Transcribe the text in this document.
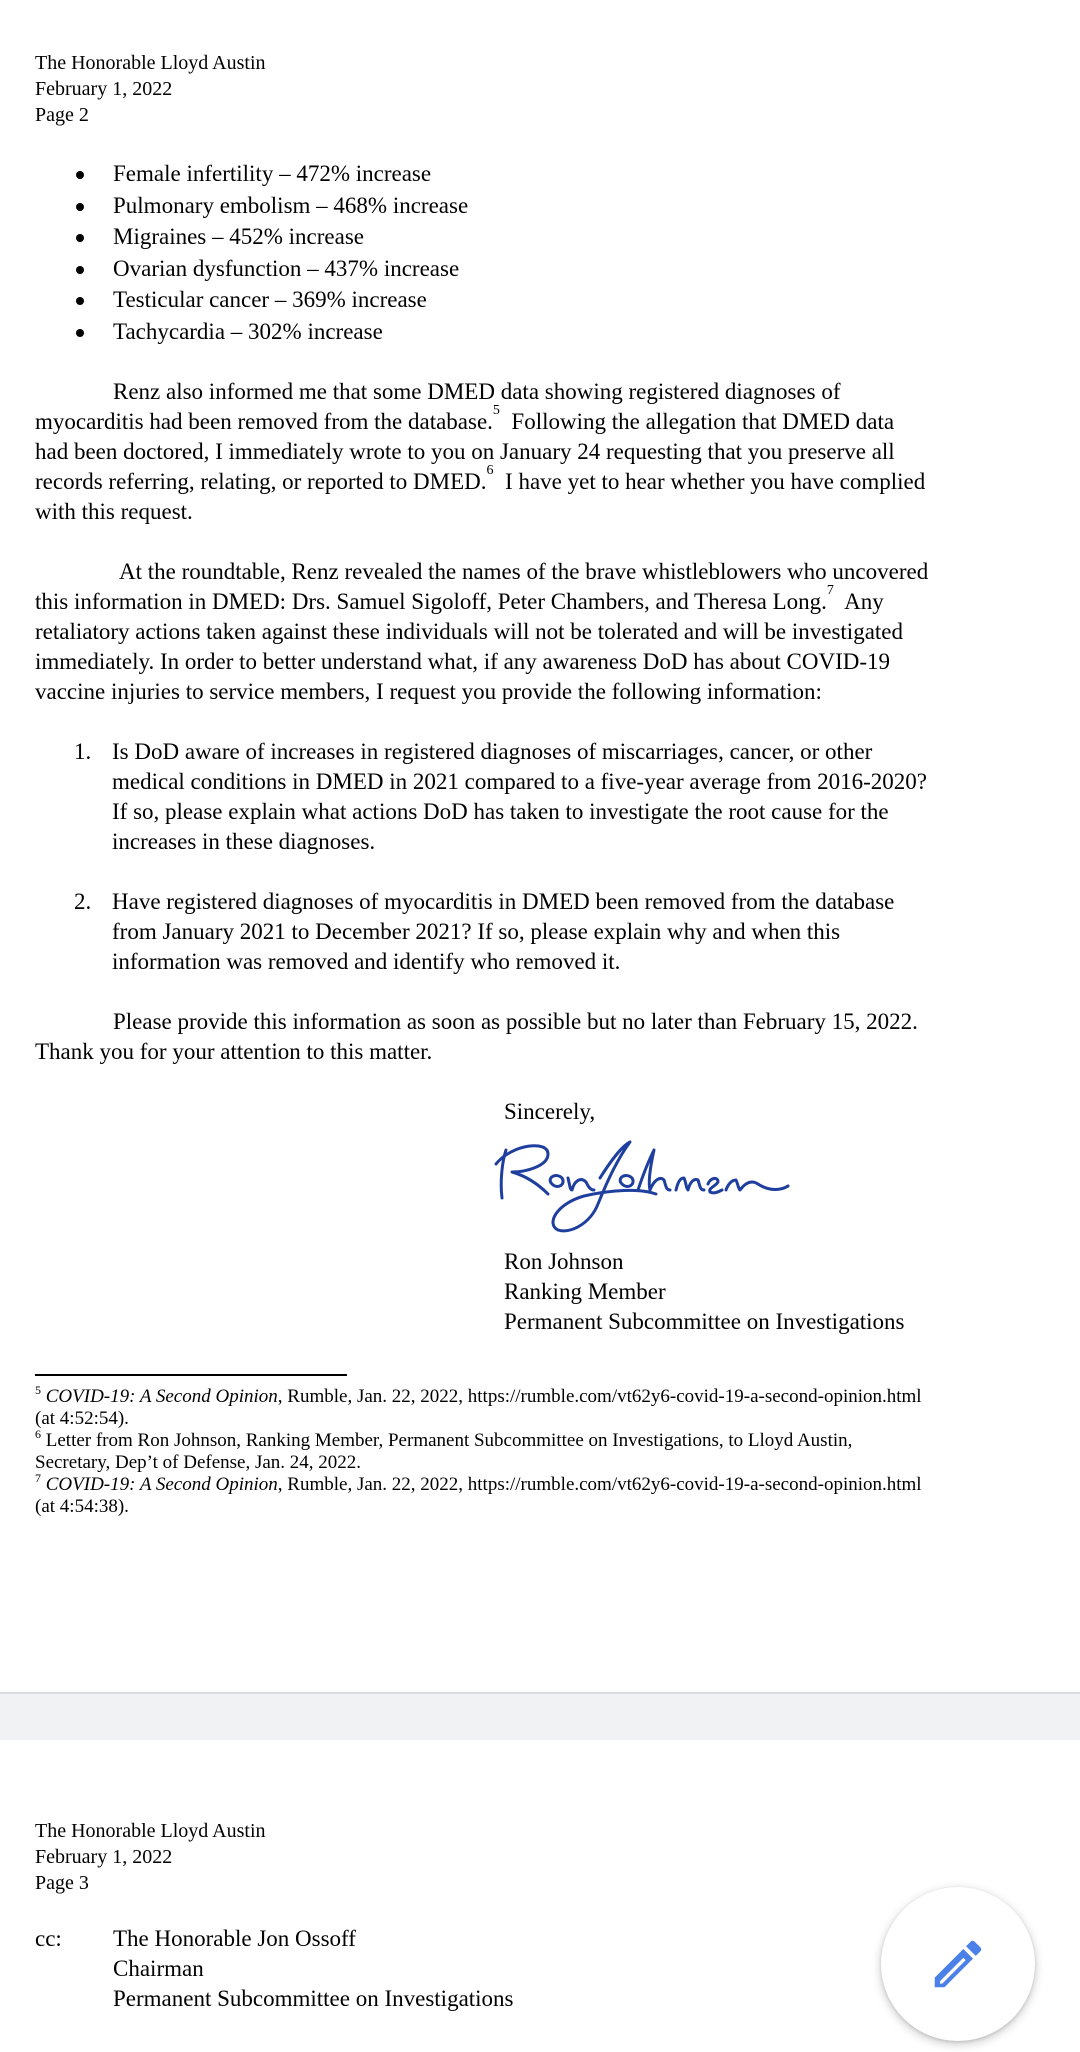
The Honorable Lloyd Austin
February 1, 2022
Page 2
Female infertility – 472% increase
Pulmonary embolism – 468% increase
Migraines – 452% increase
Ovarian dysfunction – 437% increase
Testicular cancer – 369% increase
Tachycardia – 302% increase
Renz also informed me that some DMED data showing registered diagnoses of
myocarditis had been removed from the database.$^5$  Following the allegation that DMED data
had been doctored, I immediately wrote to you on January 24 requesting that you preserve all
records referring, relating, or reported to DMED.$^6$  I have yet to hear whether you have complied
with this request.
At the roundtable, Renz revealed the names of the brave whistleblowers who uncovered
this information in DMED: Drs. Samuel Sigoloff, Peter Chambers, and Theresa Long.$^7$  Any
retaliatory actions taken against these individuals will not be tolerated and will be investigated
immediately. In order to better understand what, if any awareness DoD has about COVID-19
vaccine injuries to service members, I request you provide the following information:
1. Is DoD aware of increases in registered diagnoses of miscarriages, cancer, or other
medical conditions in DMED in 2021 compared to a five-year average from 2016-2020?
If so, please explain what actions DoD has taken to investigate the root cause for the
increases in these diagnoses.
2. Have registered diagnoses of myocarditis in DMED been removed from the database
from January 2021 to December 2021? If so, please explain why and when this
information was removed and identify who removed it.
Please provide this information as soon as possible but no later than February 15, 2022.
Thank you for your attention to this matter.
Sincerely,
Ron Johnson
Ranking Member
Permanent Subcommittee on Investigations
$^5$ COVID-19: A Second Opinion, Rumble, Jan. 22, 2022, https://rumble.com/vt62y6-covid-19-a-second-opinion.html
(at 4:52:54).
$^6$ Letter from Ron Johnson, Ranking Member, Permanent Subcommittee on Investigations, to Lloyd Austin,
Secretary, Dep’t of Defense, Jan. 24, 2022.
$^7$ COVID-19: A Second Opinion, Rumble, Jan. 22, 2022, https://rumble.com/vt62y6-covid-19-a-second-opinion.html
(at 4:54:38).
The Honorable Lloyd Austin
February 1, 2022
Page 3
cc: The Honorable Jon Ossoff
Chairman
Permanent Subcommittee on Investigations
